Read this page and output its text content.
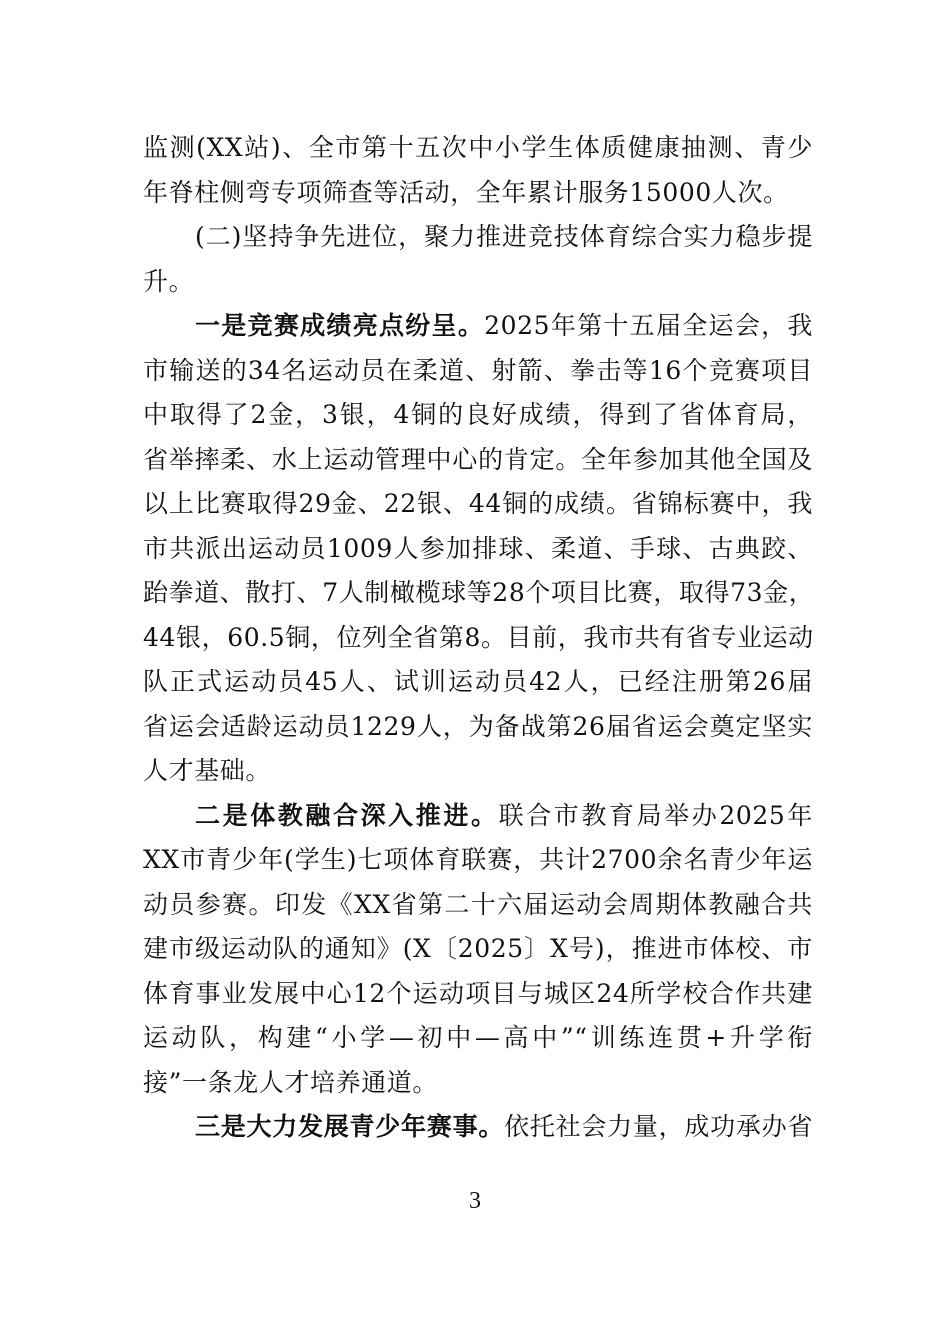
监测(XX站)、全市第十五次中小学生体质健康抽测、青少
年脊柱侧弯专项筛查等活动，全年累计服务15000人次。
(二)坚持争先进位，聚力推进竞技体育综合实力稳步提
升。
一是竞赛成绩亮点纷呈。2025年第十五届全运会，我
市输送的34名运动员在柔道、射箭、拳击等16个竞赛项目
中取得了2金，3银，4铜的良好成绩，得到了省体育局，
省举摔柔、水上运动管理中心的肯定。全年参加其他全国及
以上比赛取得29金、22银、44铜的成绩。省锦标赛中，我
市共派出运动员1009人参加排球、柔道、手球、古典跤、
跆拳道、散打、7人制橄榄球等28个项目比赛，取得73金，
44银，60.5铜，位列全省第8。目前，我市共有省专业运动
队正式运动员45人、试训运动员42人，已经注册第26届
省运会适龄运动员1229人，为备战第26届省运会奠定坚实
人才基础。
二是体教融合深入推进。联合市教育局举办2025年
XX市青少年(学生)七项体育联赛，共计2700余名青少年运
动员参赛。印发《XX省第二十六届运动会周期体教融合共
建市级运动队的通知》(X〔2025〕X号)，推进市体校、市
体育事业发展中心12个运动项目与城区24所学校合作共建
运动队，构建“小学—初中—高中”“训练连贯+升学衔
接”一条龙人才培养通道。
三是大力发展青少年赛事。依托社会力量，成功承办省
3
